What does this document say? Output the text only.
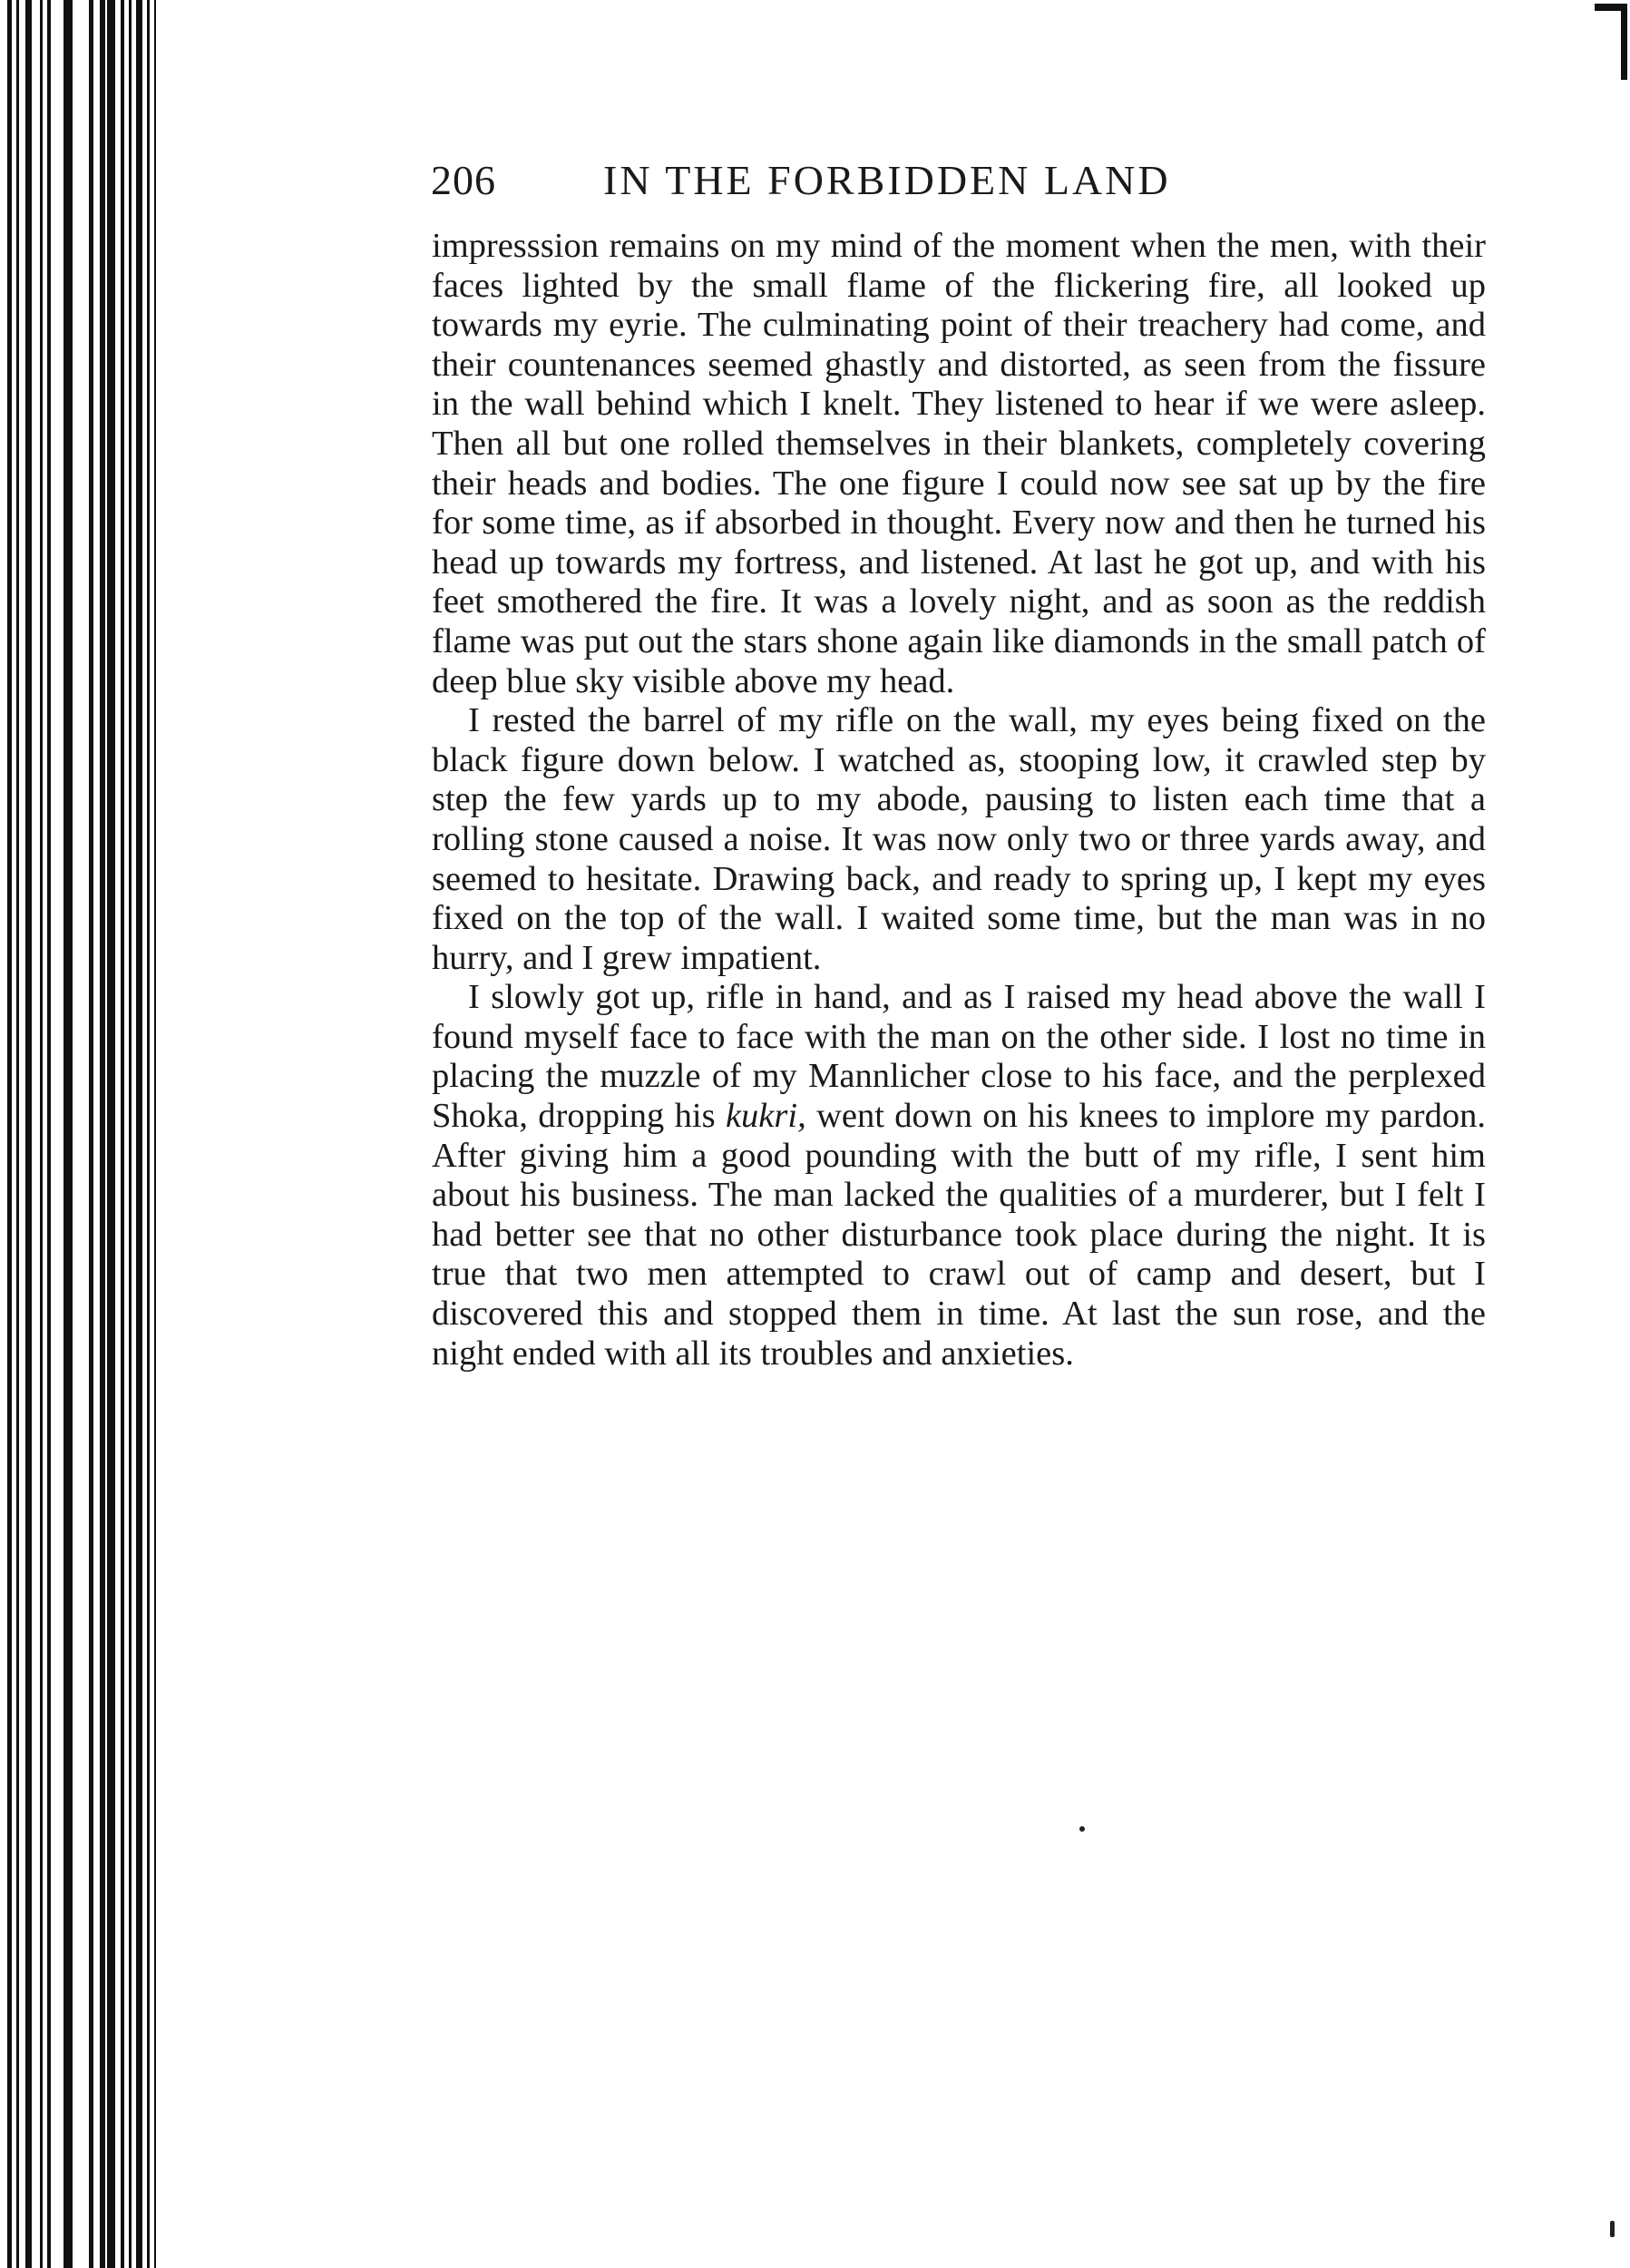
206	IN THE FORBIDDEN LAND

impresssion remains on my mind of the moment when the men, with their faces lighted by the small flame of the flickering fire, all looked up towards my eyrie. The culminating point of their treachery had come, and their countenances seemed ghastly and distorted, as seen from the fissure in the wall behind which I knelt. They listened to hear if we were asleep. Then all but one rolled themselves in their blankets, completely covering their heads and bodies. The one figure I could now see sat up by the fire for some time, as if absorbed in thought. Every now and then he turned his head up towards my fortress, and listened. At last he got up, and with his feet smothered the fire. It was a lovely night, and as soon as the reddish flame was put out the stars shone again like diamonds in the small patch of deep blue sky visible above my head.

I rested the barrel of my rifle on the wall, my eyes being fixed on the black figure down below. I watched as, stooping low, it crawled step by step the few yards up to my abode, pausing to listen each time that a rolling stone caused a noise. It was now only two or three yards away, and seemed to hesitate. Drawing back, and ready to spring up, I kept my eyes fixed on the top of the wall. I waited some time, but the man was in no hurry, and I grew impatient.

I slowly got up, rifle in hand, and as I raised my head above the wall I found myself face to face with the man on the other side. I lost no time in placing the muzzle of my Mannlicher close to his face, and the perplexed Shoka, dropping his kukri, went down on his knees to implore my pardon. After giving him a good pounding with the butt of my rifle, I sent him about his business. The man lacked the qualities of a murderer, but I felt I had better see that no other disturbance took place during the night. It is true that two men attempted to crawl out of camp and desert, but I discovered this and stopped them in time. At last the sun rose, and the night ended with all its troubles and anxieties.
